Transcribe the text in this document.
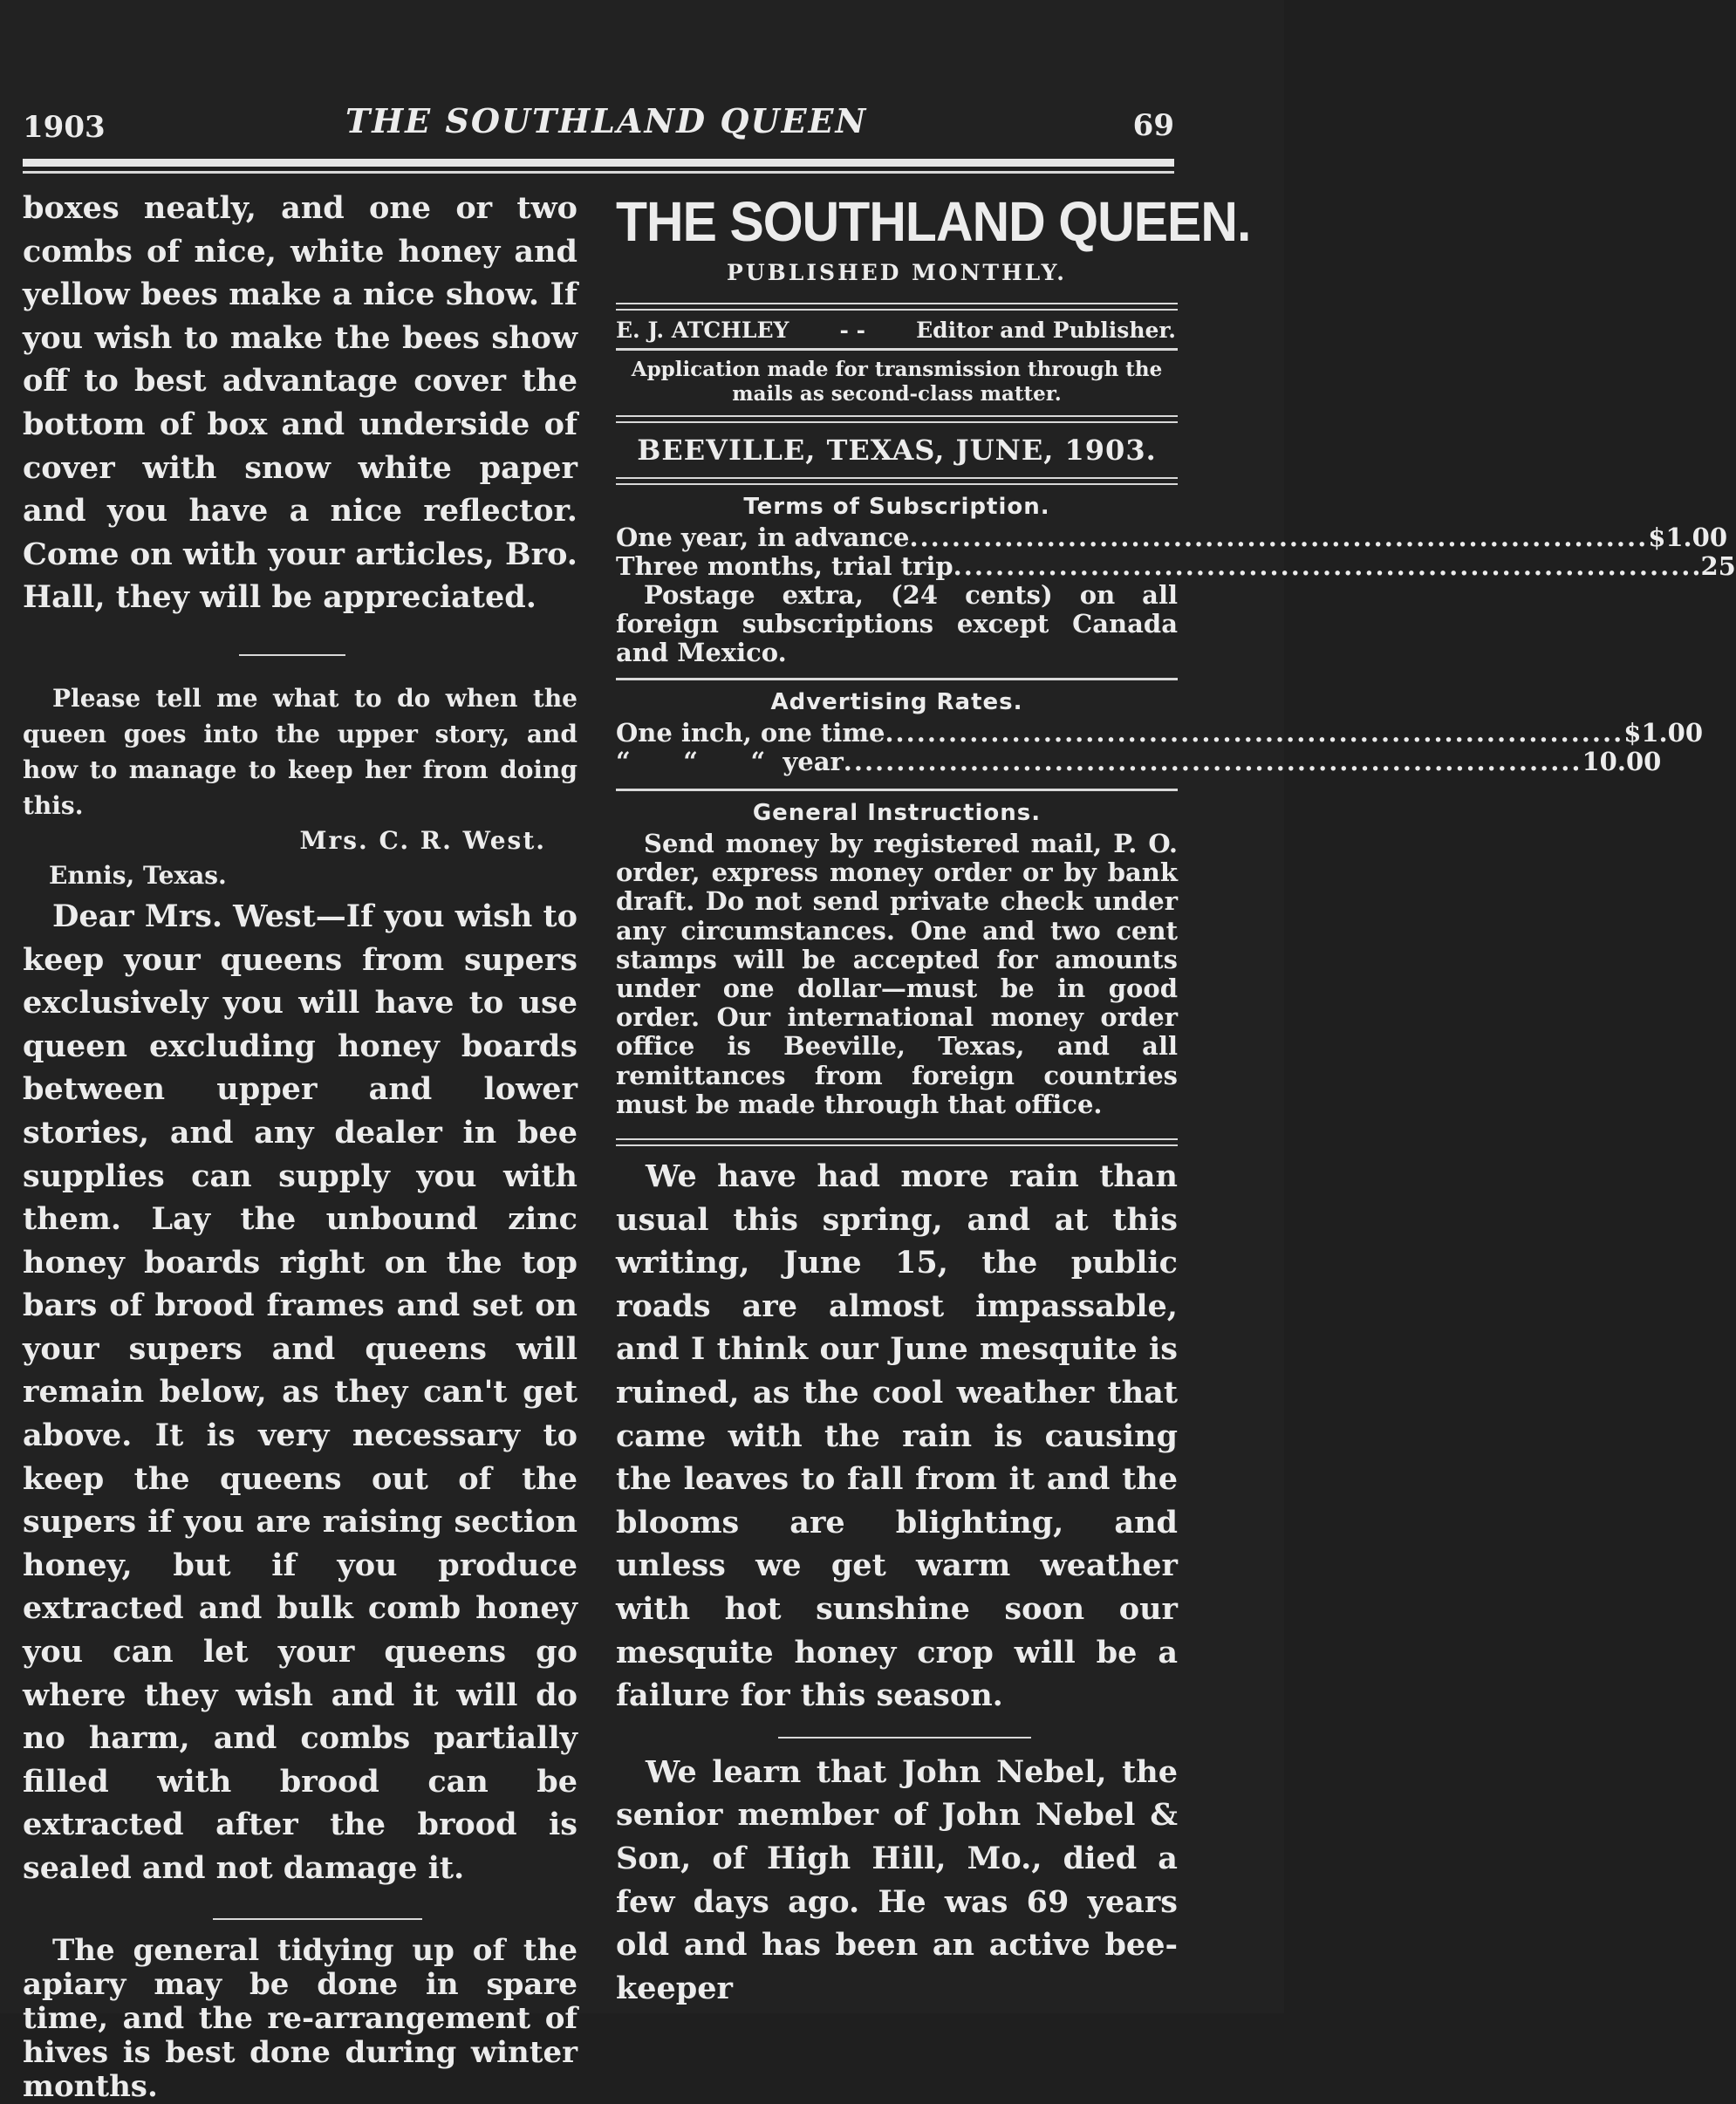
1903	THE SOUTHLAND QUEEN	69

boxes neatly, and one or two combs of nice, white honey and yellow bees make a nice show. If you wish to make the bees show off to best advantage cover the bottom of box and underside of cover with snow white paper and you have a nice reflector. Come on with your articles, Bro. Hall, they will be appreciated.

Please tell me what to do when the queen goes into the upper story, and how to manage to keep her from doing this.

Mrs. C. R. West.

Ennis, Texas.

Dear Mrs. West—If you wish to keep your queens from supers exclusively you will have to use queen excluding honey boards between upper and lower stories, and any dealer in bee supplies can supply you with them. Lay the unbound zinc honey boards right on the top bars of brood frames and set on your supers and queens will remain below, as they can't get above. It is very necessary to keep the queens out of the supers if you are raising section honey, but if you produce extracted and bulk comb honey you can let your queens go where they wish and it will do no harm, and combs partially filled with brood can be extracted after the brood is sealed and not damage it.

The general tidying up of the apiary may be done in spare time, and the re-arrangement of hives is best done during winter months.

THE SOUTHLAND QUEEN.
PUBLISHED MONTHLY.
E. J. ATCHLEY - - Editor and Publisher.
Application made for transmission through the mails as second-class matter.
BEEVILLE, TEXAS, JUNE, 1903.
Terms of Subscription.
One year, in advance .....	$1.00
Three months, trial trip .....	.25

Postage extra, (24 cents) on all foreign subscriptions except Canada and Mexico.

Advertising Rates.
One inch, one time .....	$1.00
“      “      “  year .....	10.00
General Instructions.

Send money by registered mail, P. O. order, express money order or by bank draft. Do not send private check under any circumstances. One and two cent stamps will be accepted for amounts under one dollar—must be in good order. Our international money order office is Beeville, Texas, and all remittances from foreign countries must be made through that office.

We have had more rain than usual this spring, and at this writing, June 15, the public roads are almost impassable, and I think our June mesquite is ruined, as the cool weather that came with the rain is causing the leaves to fall from it and the blooms are blighting, and unless we get warm weather with hot sunshine soon our mesquite honey crop will be a failure for this season.

We learn that John Nebel, the senior member of John Nebel & Son, of High Hill, Mo., died a few days ago. He was 69 years old and has been an active bee-keeper
